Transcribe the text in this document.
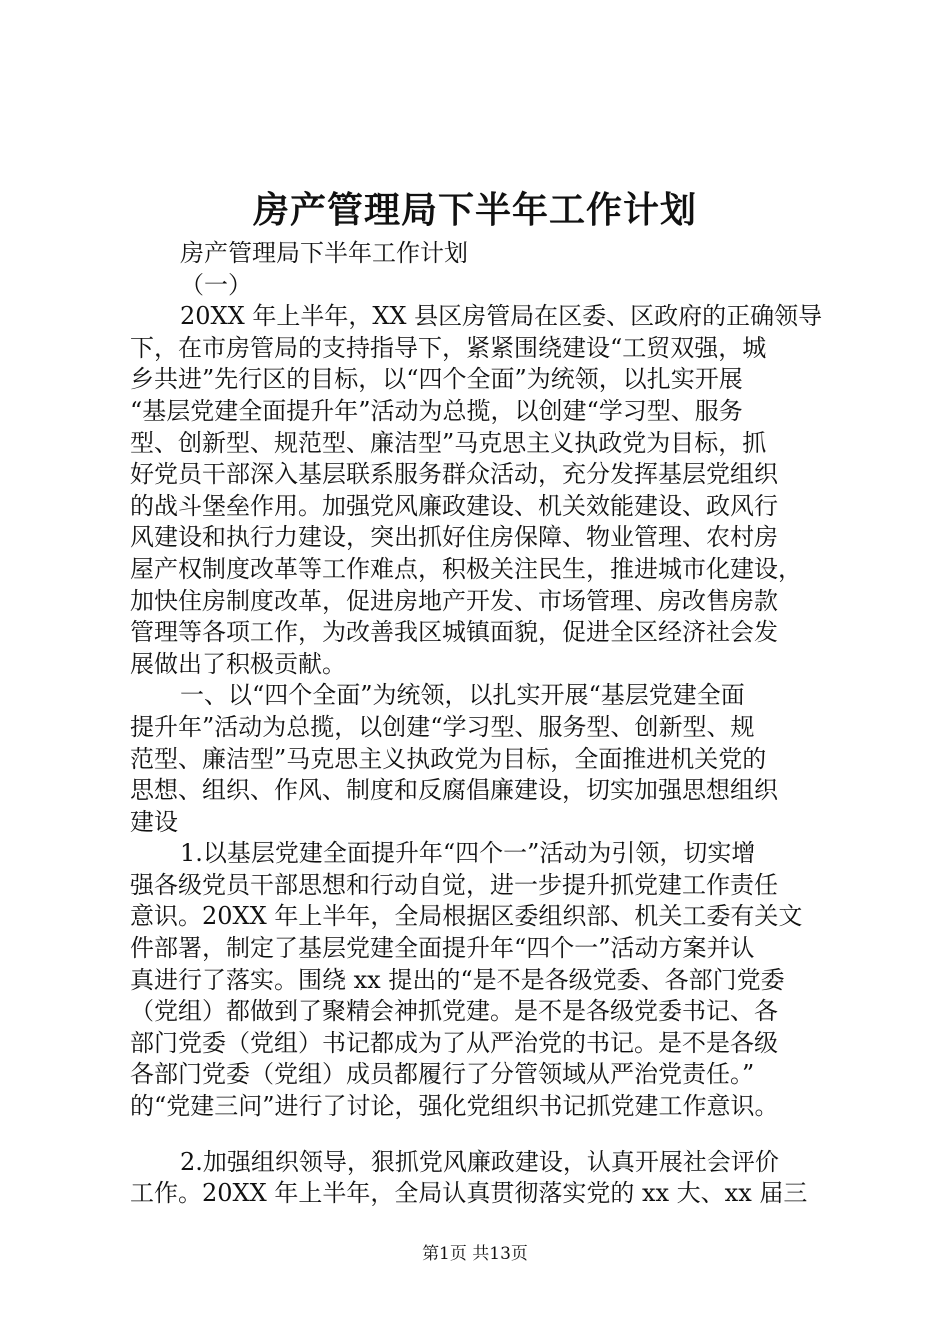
房产管理局下半年工作计划
房产管理局下半年工作计划
（一）
20XX 年上半年，XX 县区房管局在区委、区政府的正确领导
下，在市房管局的支持指导下，紧紧围绕建设“工贸双强，城
乡共进”先行区的目标，以“四个全面”为统领，以扎实开展
“基层党建全面提升年”活动为总揽，以创建“学习型、服务
型、创新型、规范型、廉洁型”马克思主义执政党为目标，抓
好党员干部深入基层联系服务群众活动，充分发挥基层党组织
的战斗堡垒作用。加强党风廉政建设、机关效能建设、政风行
风建设和执行力建设，突出抓好住房保障、物业管理、农村房
屋产权制度改革等工作难点，积极关注民生，推进城市化建设，
加快住房制度改革，促进房地产开发、市场管理、房改售房款
管理等各项工作，为改善我区城镇面貌，促进全区经济社会发
展做出了积极贡献。
一、以“四个全面”为统领，以扎实开展“基层党建全面
提升年”活动为总揽，以创建“学习型、服务型、创新型、规
范型、廉洁型”马克思主义执政党为目标，全面推进机关党的
思想、组织、作风、制度和反腐倡廉建设，切实加强思想组织
建设
1.以基层党建全面提升年“四个一”活动为引领，切实增
强各级党员干部思想和行动自觉，进一步提升抓党建工作责任
意识。20XX 年上半年，全局根据区委组织部、机关工委有关文
件部署，制定了基层党建全面提升年“四个一”活动方案并认
真进行了落实。围绕 xx 提出的“是不是各级党委、各部门党委
（党组）都做到了聚精会神抓党建。是不是各级党委书记、各
部门党委（党组）书记都成为了从严治党的书记。是不是各级
各部门党委（党组）成员都履行了分管领域从严治党责任。”
的“党建三问”进行了讨论，强化党组织书记抓党建工作意识。
2.加强组织领导，狠抓党风廉政建设，认真开展社会评价
工作。20XX 年上半年，全局认真贯彻落实党的 xx 大、xx 届三
第1页 共13页
